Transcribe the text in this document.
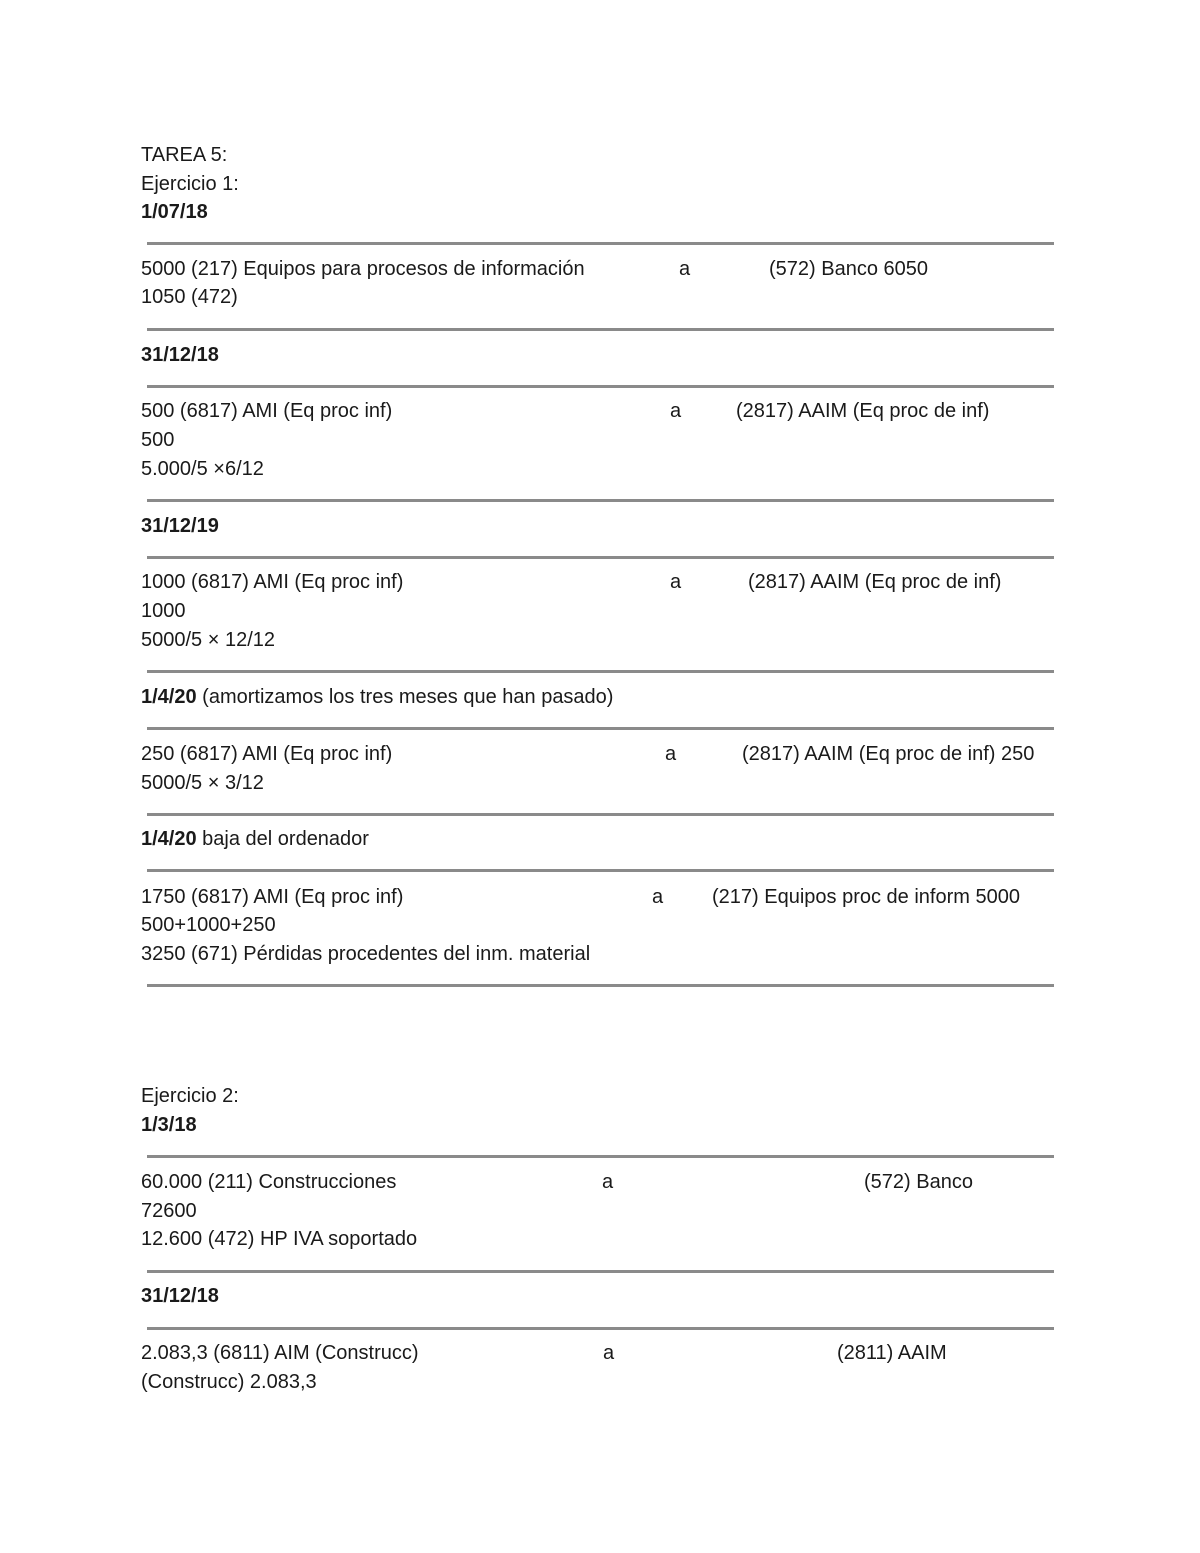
TAREA 5:
Ejercicio 1:
1/07/18
5000 (217) Equipos para procesos de información	a	(572) Banco 6050
1050 (472)
31/12/18
500 (6817) AMI (Eq proc inf)	a	(2817) AAIM (Eq proc de inf)
500
5.000/5 ×6/12
31/12/19
1000 (6817) AMI (Eq proc inf)	a	(2817) AAIM (Eq proc de inf)
1000
5000/5 × 12/12
1/4/20 (amortizamos los tres meses que han pasado)
250 (6817) AMI (Eq proc inf)	a	(2817) AAIM (Eq proc de inf) 250
5000/5 × 3/12
1/4/20 baja del ordenador
1750 (6817) AMI (Eq proc inf)	a (217) Equipos proc de inform 5000
500+1000+250
3250 (671) Pérdidas procedentes del inm. material
Ejercicio 2:
1/3/18
60.000 (211) Construcciones	a	(572) Banco
72600
12.600 (472) HP IVA soportado
31/12/18
2.083,3 (6811) AIM (Construcc)	a	(2811) AAIM
(Construcc) 2.083,3
